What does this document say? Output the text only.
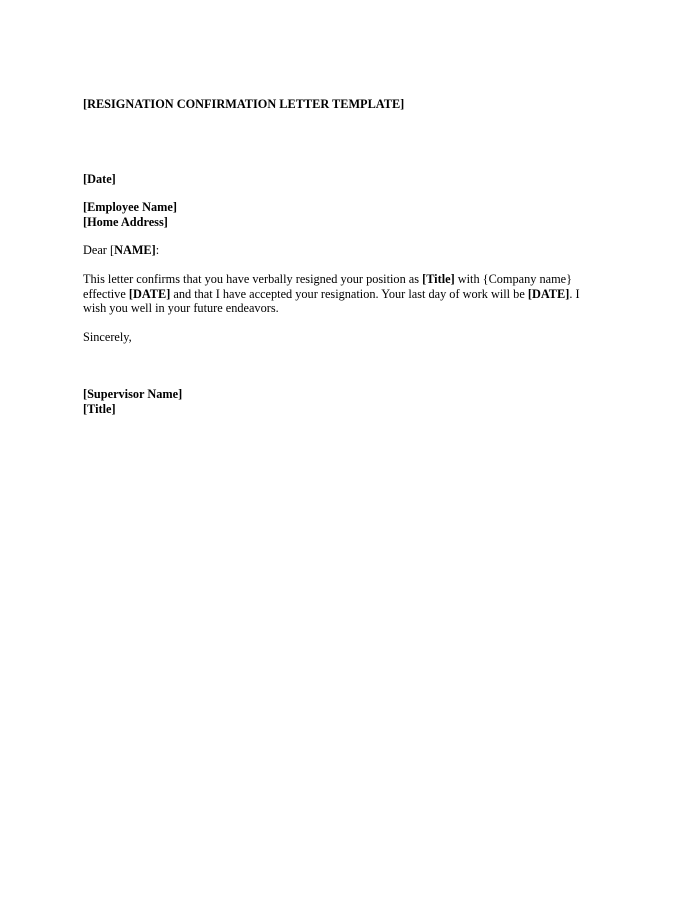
[RESIGNATION CONFIRMATION LETTER TEMPLATE]
[Date]
[Employee Name]
[Home Address]
Dear [NAME]:
This letter confirms that you have verbally resigned your position as [Title] with {Company name}
effective [DATE] and that I have accepted your resignation. Your last day of work will be [DATE]. I
wish you well in your future endeavors.
Sincerely,
[Supervisor Name]
[Title]
